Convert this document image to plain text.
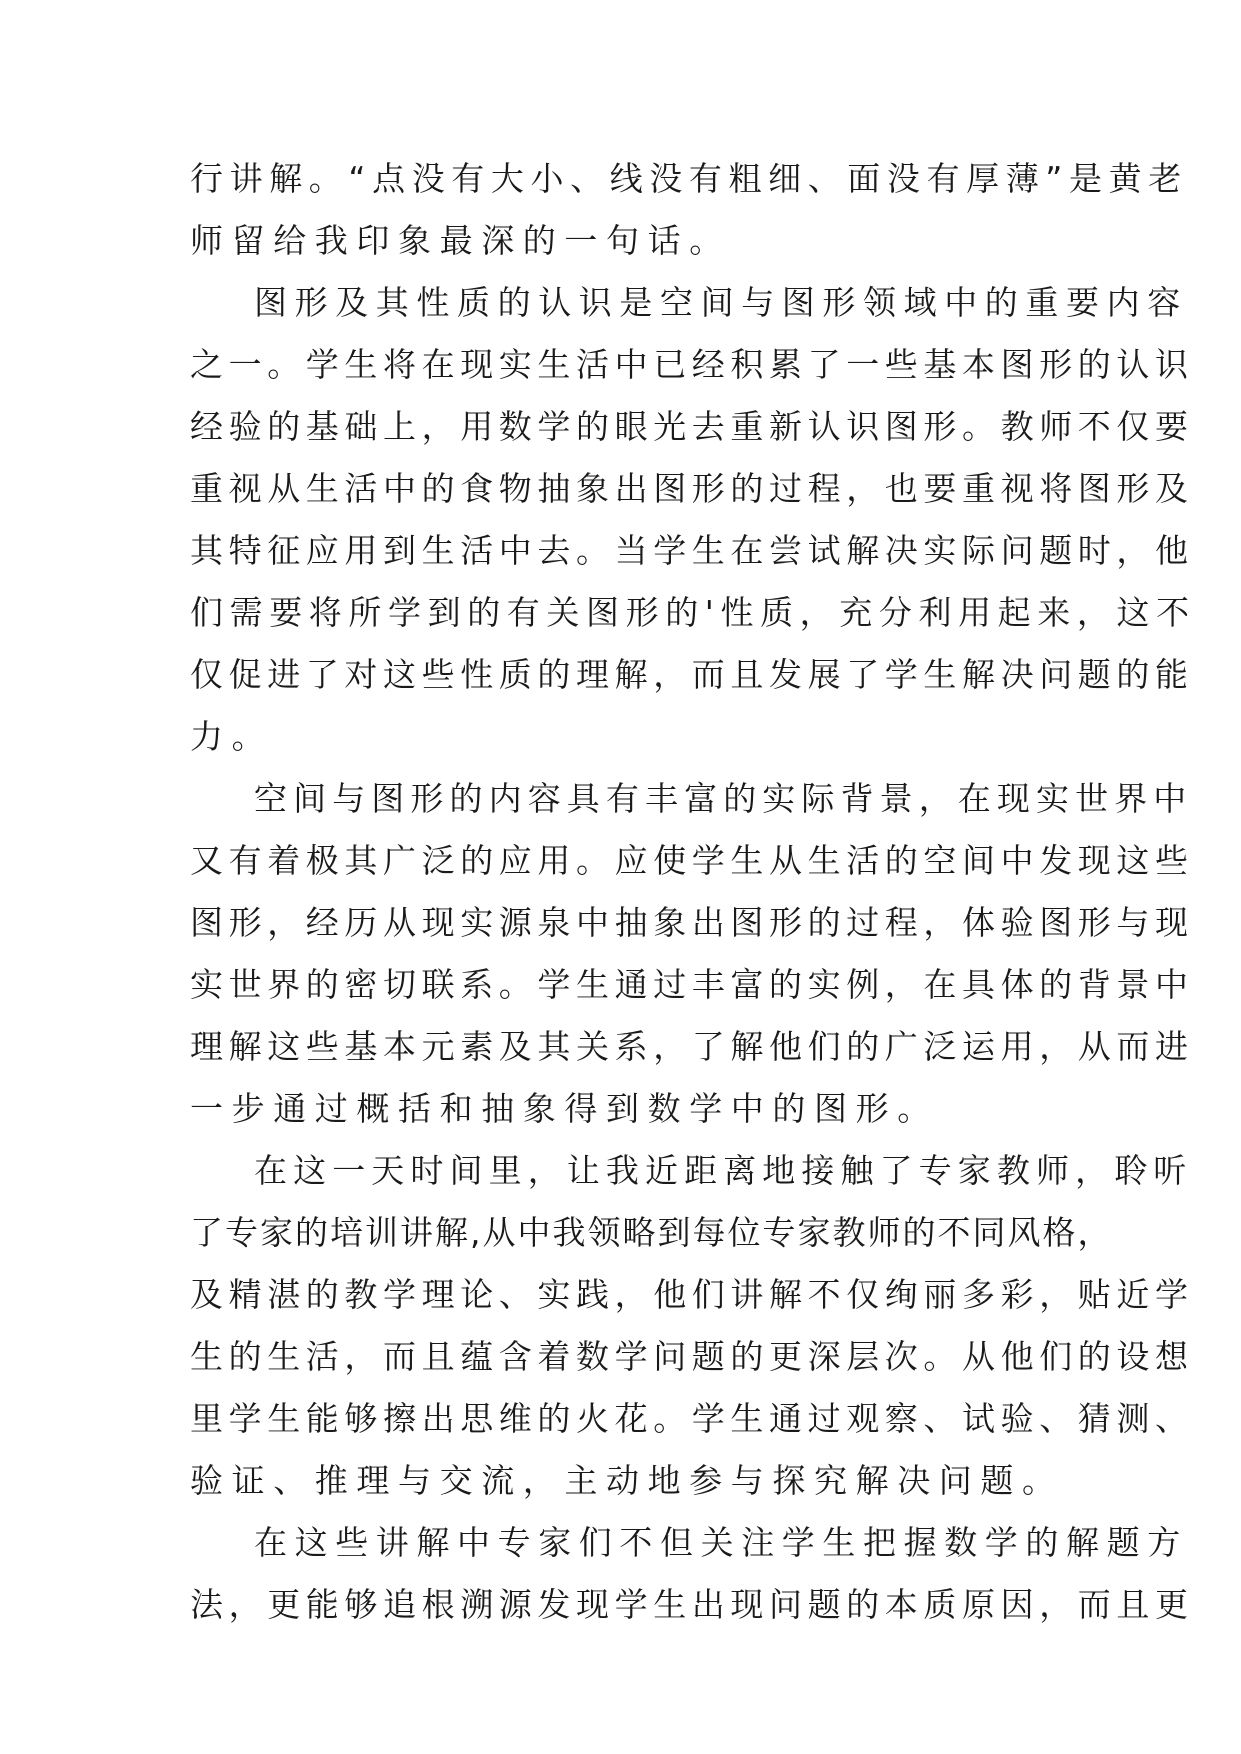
行讲解。“点没有大小、线没有粗细、面没有厚薄”是黄老
师留给我印象最深的一句话。
图形及其性质的认识是空间与图形领域中的重要内容
之一。学生将在现实生活中已经积累了一些基本图形的认识
经验的基础上，用数学的眼光去重新认识图形。教师不仅要
重视从生活中的食物抽象出图形的过程，也要重视将图形及
其特征应用到生活中去。当学生在尝试解决实际问题时，他
们需要将所学到的有关图形的'性质，充分利用起来，这不
仅促进了对这些性质的理解，而且发展了学生解决问题的能
力。
空间与图形的内容具有丰富的实际背景，在现实世界中
又有着极其广泛的应用。应使学生从生活的空间中发现这些
图形，经历从现实源泉中抽象出图形的过程，体验图形与现
实世界的密切联系。学生通过丰富的实例，在具体的背景中
理解这些基本元素及其关系，了解他们的广泛运用，从而进
一步通过概括和抽象得到数学中的图形。
在这一天时间里，让我近距离地接触了专家教师，聆听
了专家的培训讲解,从中我领略到每位专家教师的不同风格，
及精湛的教学理论、实践，他们讲解不仅绚丽多彩，贴近学
生的生活，而且蕴含着数学问题的更深层次。从他们的设想
里学生能够擦出思维的火花。学生通过观察、试验、猜测、
验证、推理与交流，主动地参与探究解决问题。
在这些讲解中专家们不但关注学生把握数学的解题方
法，更能够追根溯源发现学生出现问题的本质原因，而且更
